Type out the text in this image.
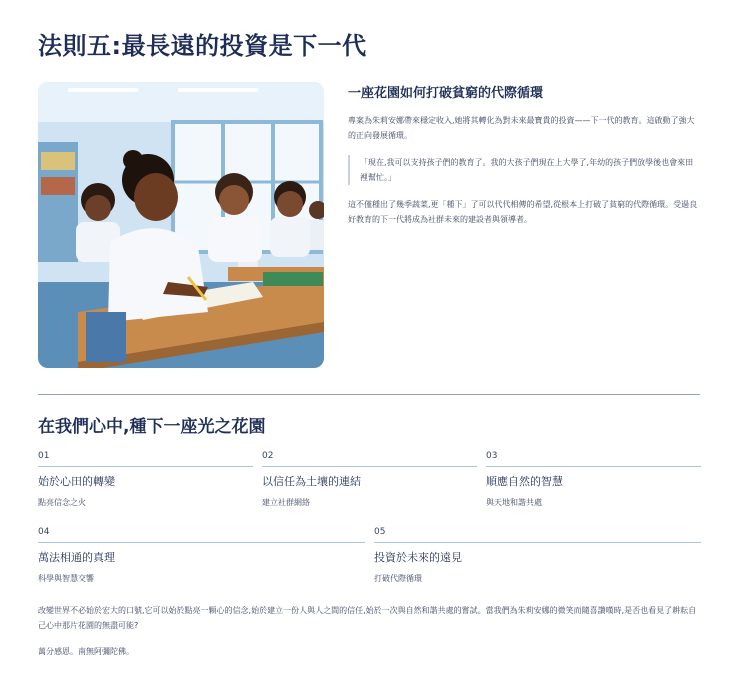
法則五:最長遠的投資是下一代
一座花園如何打破貧窮的代際循環

專案為朱莉安娜帶來穩定收入,她將其轉化為對未來最寶貴的投資——下一代的教育。這啟動了強大的正向發展循環。

「現在,我可以支持孩子們的教育了。我的大孩子們現在上大學了,年幼的孩子們放學後也會來田裡幫忙。」

這不僅種出了幾季蔬菜,更「種下」了可以代代相傳的希望,從根本上打破了貧窮的代際循環。受過良好教育的下一代將成為社群未來的建設者與領導者。

在我們心中,種下一座光之花園
01
始於心田的轉變
點亮信念之火
02
以信任為土壤的連結
建立社群網絡
03
順應自然的智慧
與天地和諧共處
04
萬法相通的真理
科學與智慧交響
05
投資於未來的遠見
打破代際循環

改變世界不必始於宏大的口號,它可以始於點亮一顆心的信念,始於建立一份人與人之間的信任,始於一次與自然和諧共處的嘗試。當我們為朱莉安娜的微笑而隨喜讚嘆時,是否也看見了耕耘自己心中那片花園的無盡可能?

萬分感恩。南無阿彌陀佛。
